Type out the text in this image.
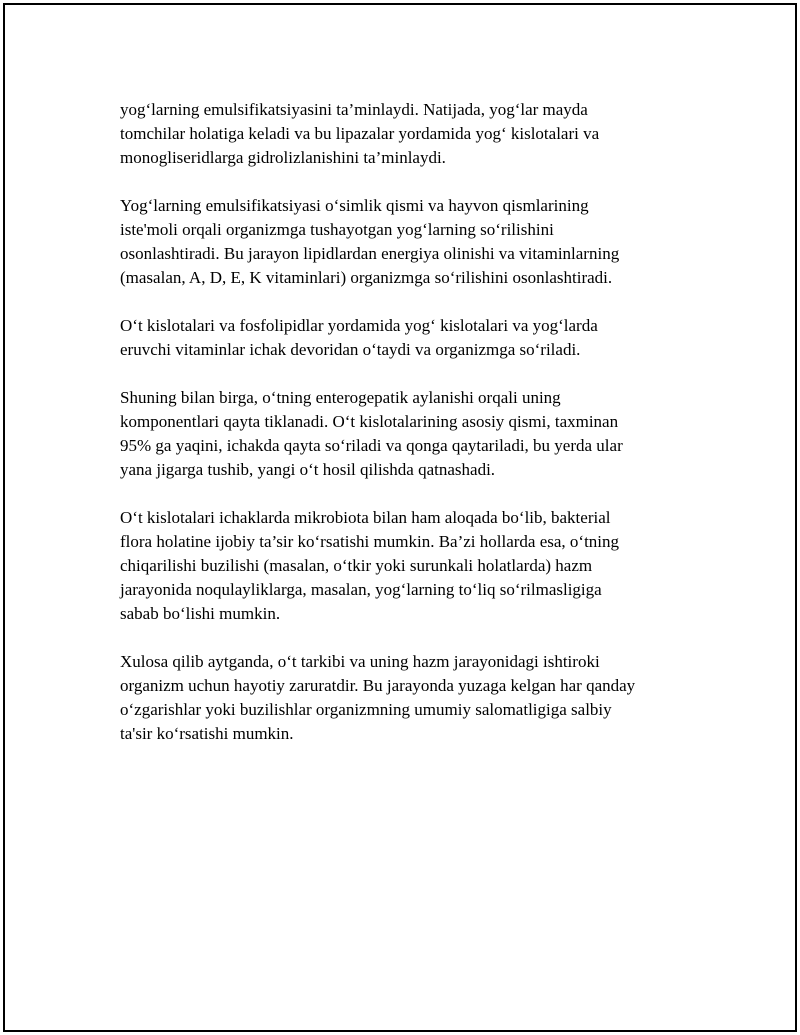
yog‘larning emulsifikatsiyasini ta’minlaydi. Natijada, yog‘lar mayda
tomchilar holatiga keladi va bu lipazalar yordamida yog‘ kislotalari va
monogliseridlarga gidrolizlanishini ta’minlaydi.

Yog‘larning emulsifikatsiyasi o‘simlik qismi va hayvon qismlarining
iste'moli orqali organizmga tushayotgan yog‘larning so‘rilishini
osonlashtiradi. Bu jarayon lipidlardan energiya olinishi va vitaminlarning
(masalan, A, D, E, K vitaminlari) organizmga so‘rilishini osonlashtiradi.

O‘t kislotalari va fosfolipidlar yordamida yog‘ kislotalari va yog‘larda
eruvchi vitaminlar ichak devoridan o‘taydi va organizmga so‘riladi.

Shuning bilan birga, o‘tning enterogepatik aylanishi orqali uning
komponentlari qayta tiklanadi. O‘t kislotalarining asosiy qismi, taxminan
95% ga yaqini, ichakda qayta so‘riladi va qonga qaytariladi, bu yerda ular
yana jigarga tushib, yangi o‘t hosil qilishda qatnashadi.

O‘t kislotalari ichaklarda mikrobiota bilan ham aloqada bo‘lib, bakterial
flora holatine ijobiy ta’sir ko‘rsatishi mumkin. Ba’zi hollarda esa, o‘tning
chiqarilishi buzilishi (masalan, o‘tkir yoki surunkali holatlarda) hazm
jarayonida noqulayliklarga, masalan, yog‘larning to‘liq so‘rilmasligiga
sabab bo‘lishi mumkin.

Xulosa qilib aytganda, o‘t tarkibi va uning hazm jarayonidagi ishtiroki
organizm uchun hayotiy zaruratdir. Bu jarayonda yuzaga kelgan har qanday
o‘zgarishlar yoki buzilishlar organizmning umumiy salomatligiga salbiy
ta'sir ko‘rsatishi mumkin.
